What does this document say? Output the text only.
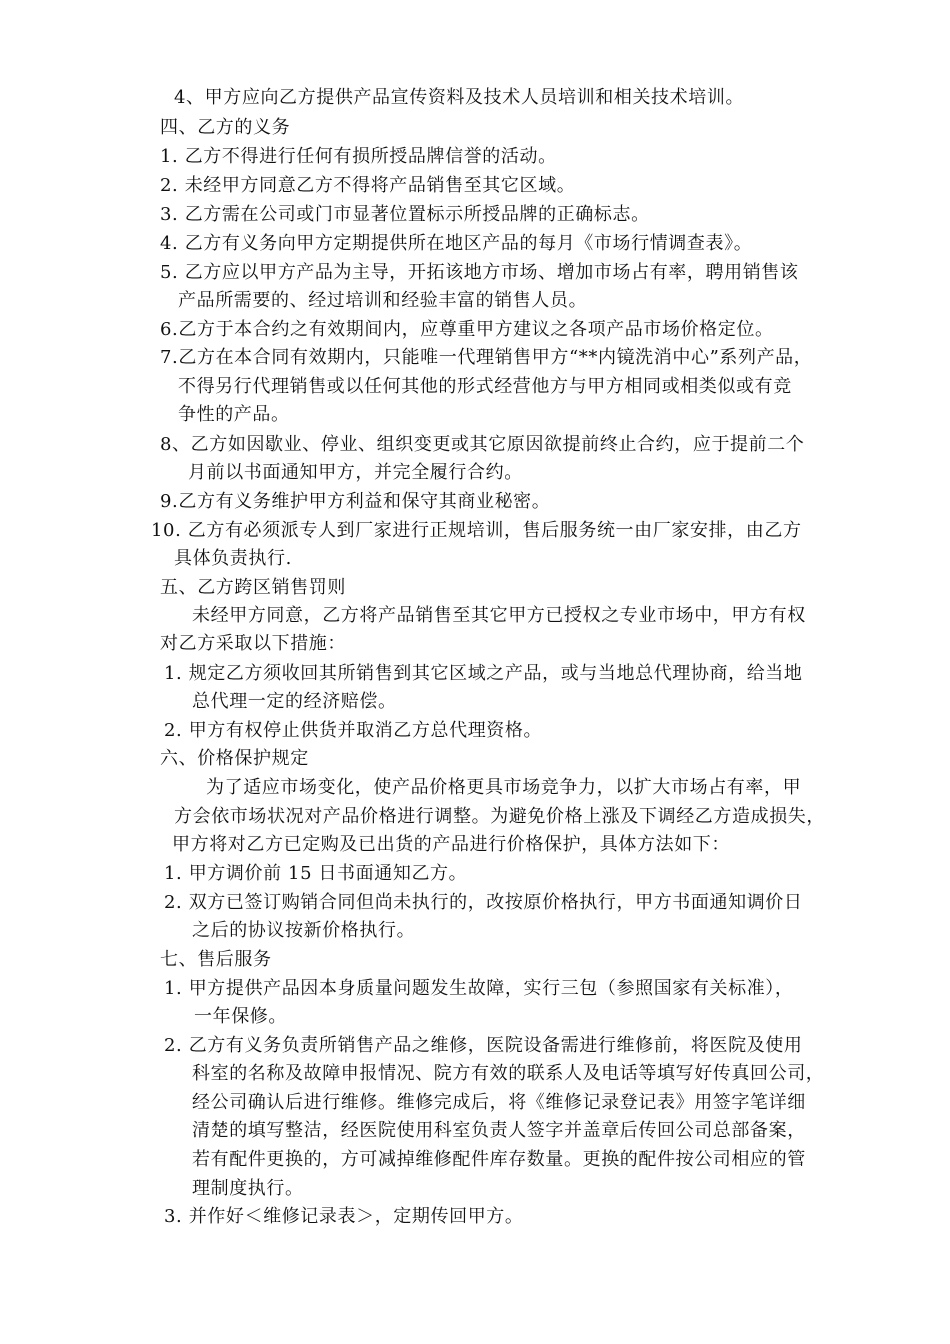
4、甲方应向乙方提供产品宣传资料及技术人员培训和相关技术培训。
四、乙方的义务
1. 乙方不得进行任何有损所授品牌信誉的活动。
2. 未经甲方同意乙方不得将产品销售至其它区域。
3. 乙方需在公司或门市显著位置标示所授品牌的正确标志。
4. 乙方有义务向甲方定期提供所在地区产品的每月《市场行情调查表》。
5. 乙方应以甲方产品为主导，开拓该地方市场、增加市场占有率，聘用销售该
产品所需要的、经过培训和经验丰富的销售人员。
6.乙方于本合约之有效期间内，应尊重甲方建议之各项产品市场价格定位。
7.乙方在本合同有效期内，只能唯一代理销售甲方“**内镜洗消中心”系列产品，
不得另行代理销售或以任何其他的形式经营他方与甲方相同或相类似或有竞
争性的产品。
8、乙方如因歇业、停业、组织变更或其它原因欲提前终止合约，应于提前二个
月前以书面通知甲方，并完全履行合约。
9.乙方有义务维护甲方利益和保守其商业秘密。
10. 乙方有必须派专人到厂家进行正规培训，售后服务统一由厂家安排，由乙方
具体负责执行.
五、乙方跨区销售罚则
未经甲方同意，乙方将产品销售至其它甲方已授权之专业市场中，甲方有权
对乙方采取以下措施：
1. 规定乙方须收回其所销售到其它区域之产品，或与当地总代理协商，给当地
总代理一定的经济赔偿。
2. 甲方有权停止供货并取消乙方总代理资格。
六、价格保护规定
为了适应市场变化，使产品价格更具市场竞争力，以扩大市场占有率，甲
方会依市场状况对产品价格进行调整。为避免价格上涨及下调经乙方造成损失，
甲方将对乙方已定购及已出货的产品进行价格保护，具体方法如下：
1. 甲方调价前 15 日书面通知乙方。
2. 双方已签订购销合同但尚未执行的，改按原价格执行，甲方书面通知调价日
之后的协议按新价格执行。
七、售后服务
1. 甲方提供产品因本身质量问题发生故障，实行三包（参照国家有关标准），
一年保修。
2. 乙方有义务负责所销售产品之维修，医院设备需进行维修前，将医院及使用
科室的名称及故障申报情况、院方有效的联系人及电话等填写好传真回公司，
经公司确认后进行维修。维修完成后，将《维修记录登记表》用签字笔详细
清楚的填写整洁，经医院使用科室负责人签字并盖章后传回公司总部备案，
若有配件更换的，方可减掉维修配件库存数量。更换的配件按公司相应的管
理制度执行。
3. 并作好＜维修记录表＞，定期传回甲方。
